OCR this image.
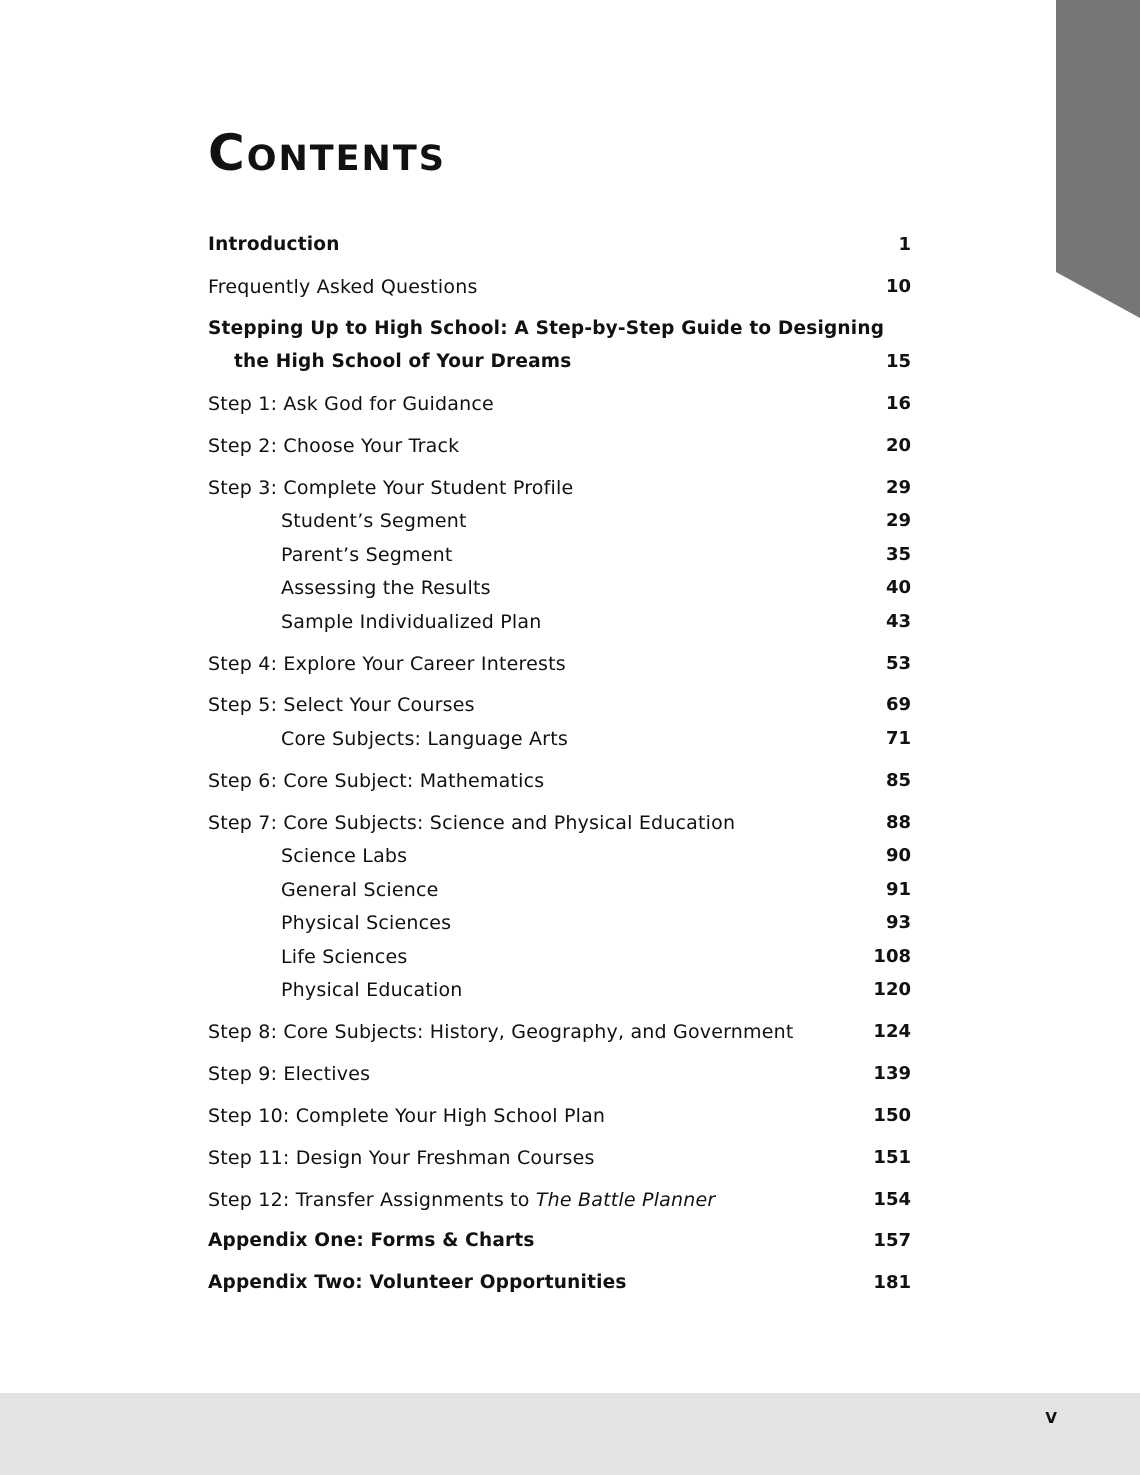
Contents
Introduction	1
Frequently Asked Questions	10
Stepping Up to High School: A Step-by-Step Guide to Designing
the High School of Your Dreams	15
Step 1: Ask God for Guidance	16
Step 2: Choose Your Track	20
Step 3: Complete Your Student Profile	29
Student’s Segment	29
Parent’s Segment	35
Assessing the Results	40
Sample Individualized Plan	43
Step 4: Explore Your Career Interests	53
Step 5: Select Your Courses	69
Core Subjects: Language Arts	71
Step 6: Core Subject: Mathematics	85
Step 7: Core Subjects: Science and Physical Education	88
Science Labs	90
General Science	91
Physical Sciences	93
Life Sciences	108
Physical Education	120
Step 8: Core Subjects: History, Geography, and Government	124
Step 9: Electives	139
Step 10: Complete Your High School Plan	150
Step 11: Design Your Freshman Courses	151
Step 12: Transfer Assignments to The Battle Planner	154
Appendix One: Forms & Charts	157
Appendix Two: Volunteer Opportunities	181
v
